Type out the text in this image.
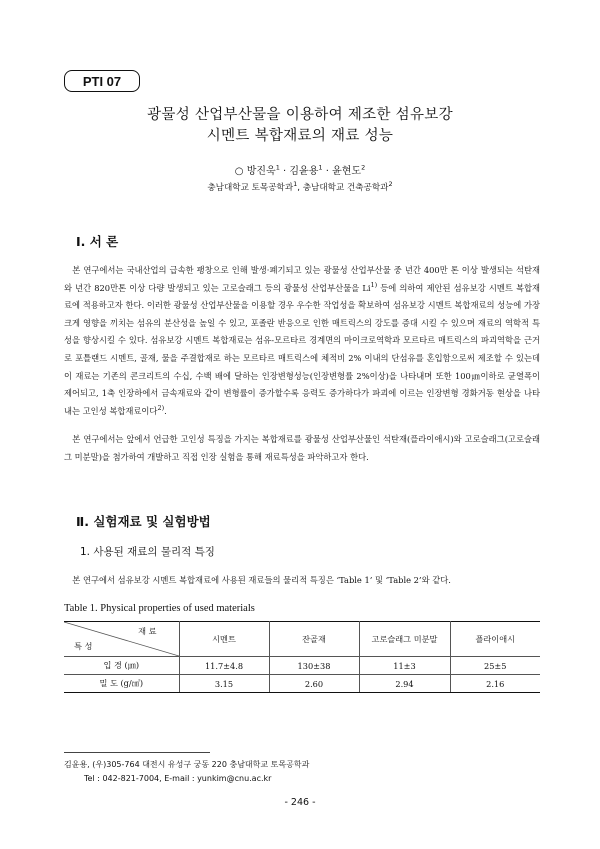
PTI 07
광물성 산업부산물을 이용하여 제조한 섬유보강
시멘트 복합재료의 재료 성능
○ 방진욱$^1$ · 김윤용$^1$ · 윤현도$^2$
충남대학교 토목공학과$^1$, 충남대학교 건축공학과$^2$
Ⅰ. 서 론
 본 연구에서는 국내산업의 급속한 팽창으로 인해 발생·폐기되고 있는 광물성 산업부산물 중 년간 400만 톤 이상 발생되는 석탄재와 년간 820만톤 이상 다량 발생되고 있는 고로슬래그 등의 광물성 산업부산물을 Li$^{1)}$ 등에 의하여 제안된 섬유보강 시멘트 복합재료에 적용하고자 한다. 이러한 광물성 산업부산물을 이용할 경우 우수한 작업성을 확보하여 섬유보강 시멘트 복합재료의 성능에 가장 크게 영향을 끼치는 섬유의 분산성을 높일 수 있고, 포졸란 반응으로 인한 매트릭스의 강도를 증대 시킬 수 있으며 재료의 역학적 특성을 향상시킬 수 있다. 섬유보강 시멘트 복합재료는 섬유-모르타르 경계면의 마이크로역학과 모르타르 매트릭스의 파괴역학을 근거로 포틀랜드 시멘트, 골재, 물을 주결합재로 하는 모르타르 매트릭스에 체적비 2% 이내의 단섬유를 혼입함으로써 제조할 수 있는데 이 재료는 기존의 콘크리트의 수십, 수백 배에 달하는 인장변형성능(인장변형률 2%이상)을 나타내며 또한 100㎛이하로 균열폭이 제어되고, 1축 인장하에서 금속재료와 같이 변형률이 증가할수록 응력도 증가하다가 파괴에 이르는 인장변형 경화거동 현상을 나타내는 고인성 복합재료이다$^{2)}$.
 본 연구에서는 앞에서 언급한 고인성 특징을 가지는 복합재료를 광물성 산업부산물인 석탄재(플라이애시)와 고로슬래그(고로슬래그 미분말)을 첨가하여 개발하고 직접 인장 실험을 통해 재료특성을 파악하고자 한다.
Ⅱ. 실험재료 및 실험방법
1. 사용된 재료의 물리적 특징
 본 연구에서 섬유보강 시멘트 복합재료에 사용된 재료들의 물리적 특징은 ‘Table 1’ 및 ‘Table 2’와 같다.
Table 1. Physical properties of used materials
재 료
특 성	시멘트	잔골재	고로슬래그 미분말	플라이애시
입 경 (㎛)	11.7±4.8	130±38	11±3	25±5
밀 도 (g/㎤)	3.15	2.60	2.94	2.16
김윤용, (우)305-764 대전시 유성구 궁동 220 충남대학교 토목공학과
Tel : 042-821-7004, E-mail : yunkim@cnu.ac.kr
- 246 -
